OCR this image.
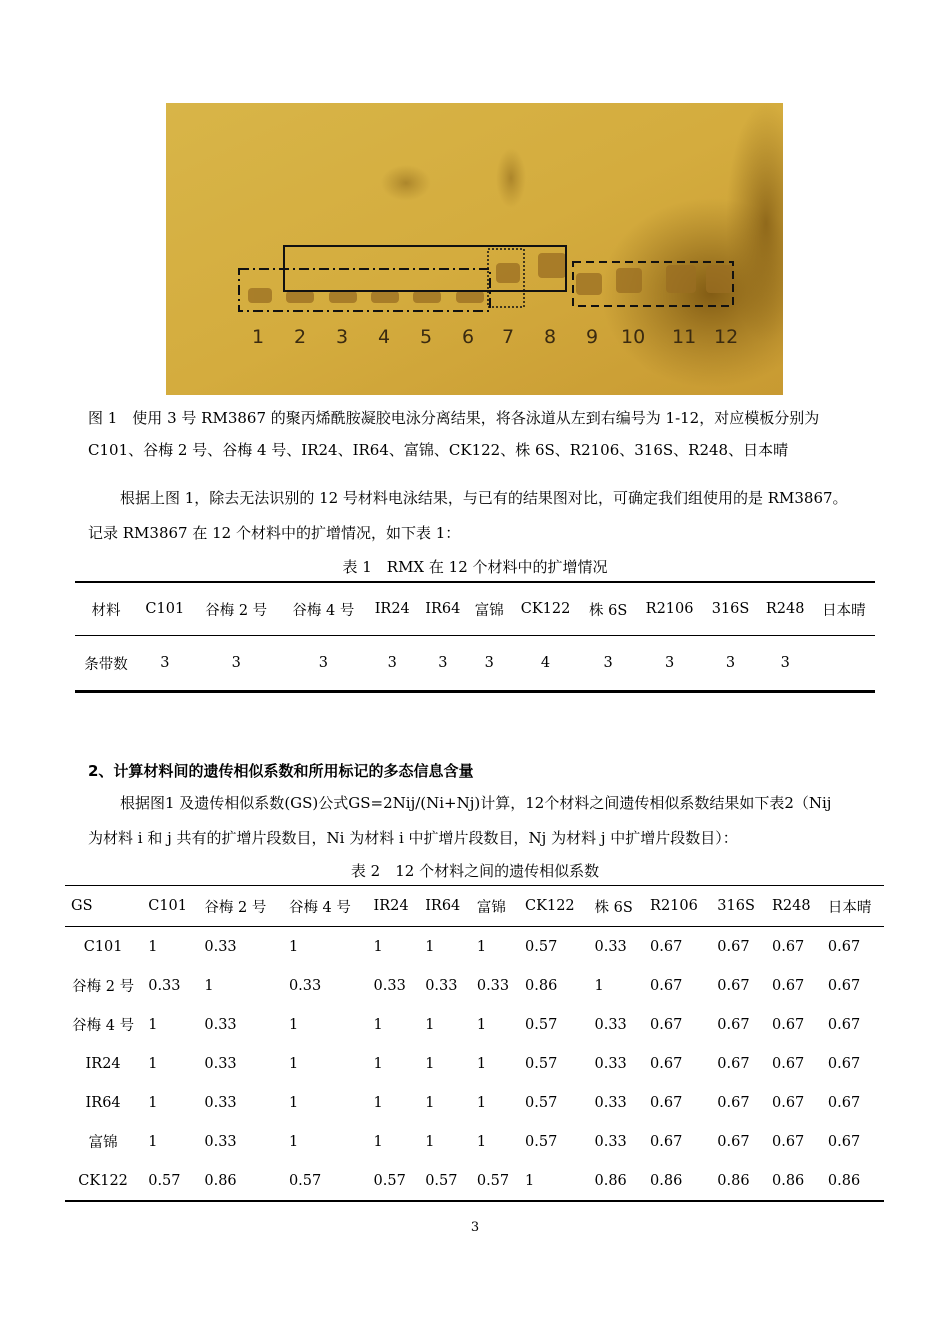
1 2 3 4 5 6 7 8 9 10 11 12
图 1　使用 3 号 RM3867 的聚丙烯酰胺凝胶电泳分离结果，将各泳道从左到右编号为 1-12，对应模板分别为
C101、谷梅 2 号、谷梅 4 号、IR24、IR64、富锦、CK122、株 6S、R2106、316S、R248、日本晴
根据上图 1，除去无法识别的 12 号材料电泳结果，与已有的结果图对比，可确定我们组使用的是 RM3867。
记录 RM3867 在 12 个材料中的扩增情况，如下表 1：
表 1　RMX 在 12 个材料中的扩增情况
材料	C101	谷梅 2 号	谷梅 4 号	IR24	IR64	富锦	CK122	株 6S	R2106	316S	R248	日本晴
条带数	3	3	3	3	3	3	4	3	3	3	3	
2、计算材料间的遗传相似系数和所用标记的多态信息含量
根据图1 及遗传相似系数(GS)公式GS=2Nij/(Ni+Nj)计算，12个材料之间遗传相似系数结果如下表2（Nij
为材料 i 和 j 共有的扩增片段数目，Ni 为材料 i 中扩增片段数目，Nj 为材料 j 中扩增片段数目）：
表 2　12 个材料之间的遗传相似系数
GS	C101	谷梅 2 号	谷梅 4 号	IR24	IR64	富锦	CK122	株 6S	R2106	316S	R248	日本晴
C101	1	0.33	1	1	1	1	0.57	0.33	0.67	0.67	0.67	0.67
谷梅 2 号	0.33	1	0.33	0.33	0.33	0.33	0.86	1	0.67	0.67	0.67	0.67
谷梅 4 号	1	0.33	1	1	1	1	0.57	0.33	0.67	0.67	0.67	0.67
IR24	1	0.33	1	1	1	1	0.57	0.33	0.67	0.67	0.67	0.67
IR64	1	0.33	1	1	1	1	0.57	0.33	0.67	0.67	0.67	0.67
富锦	1	0.33	1	1	1	1	0.57	0.33	0.67	0.67	0.67	0.67
CK122	0.57	0.86	0.57	0.57	0.57	0.57	1	0.86	0.86	0.86	0.86	0.86
3
